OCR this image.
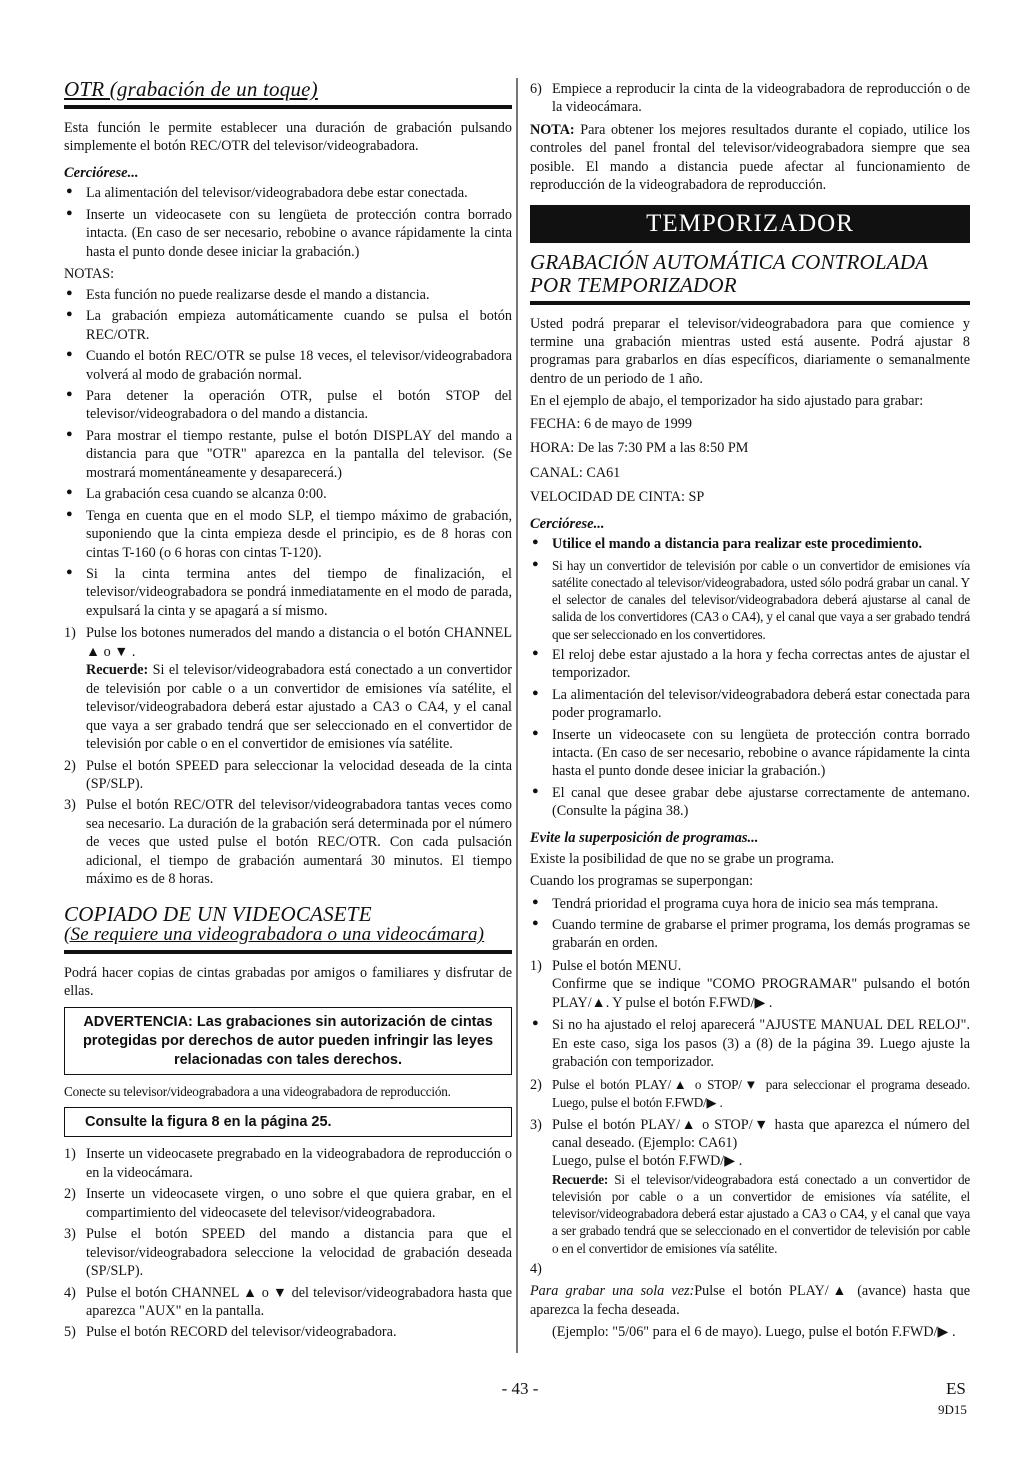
OTR (grabación de un toque)

Esta función le permite establecer una duración de grabación pulsando simplemente el botón REC/OTR del televisor/videograbadora.

Cerciórese...
● La alimentación del televisor/videograbadora debe estar conectada.
● Inserte un videocasete con su lengüeta de protección contra borrado intacta. (En caso de ser necesario, rebobine o avance rápidamente la cinta hasta el punto donde desee iniciar la grabación.)
NOTAS:
● Esta función no puede realizarse desde el mando a distancia.
● La grabación empieza automáticamente cuando se pulsa el botón REC/OTR.
● Cuando el botón REC/OTR se pulse 18 veces, el televisor/videograbadora volverá al modo de grabación normal.
● Para detener la operación OTR, pulse el botón STOP del televisor/videograbadora o del mando a distancia.
● Para mostrar el tiempo restante, pulse el botón DISPLAY del mando a distancia para que "OTR" aparezca en la pantalla del televisor. (Se mostrará momentáneamente y desaparecerá.)
● La grabación cesa cuando se alcanza 0:00.
● Tenga en cuenta que en el modo SLP, el tiempo máximo de grabación, suponiendo que la cinta empieza desde el principio, es de 8 horas con cintas T-160 (o 6 horas con cintas T-120).
● Si la cinta termina antes del tiempo de finalización, el televisor/videograbadora se pondrá inmediatamente en el modo de parada, expulsará la cinta y se apagará a sí mismo.
1) Pulse los botones numerados del mando a distancia o el botón CHANNEL ▲ o ▼ .
Recuerde: Si el televisor/videograbadora está conectado a un convertidor de televisión por cable o a un convertidor de emisiones vía satélite, el televisor/videograbadora deberá estar ajustado a CA3 o CA4, y el canal que vaya a ser grabado tendrá que ser seleccionado en el convertidor de televisión por cable o en el convertidor de emisiones vía satélite.
2) Pulse el botón SPEED para seleccionar la velocidad deseada de la cinta (SP/SLP).
3) Pulse el botón REC/OTR del televisor/videograbadora tantas veces como sea necesario. La duración de la grabación será determinada por el número de veces que usted pulse el botón REC/OTR. Con cada pulsación adicional, el tiempo de grabación aumentará 30 minutos. El tiempo máximo es de 8 horas.
COPIADO DE UN VIDEOCASETE
(Se requiere una videograbadora o una videocámara)

Podrá hacer copias de cintas grabadas por amigos o familiares y disfrutar de ellas.

ADVERTENCIA: Las grabaciones sin autorización de cintas protegidas por derechos de autor pueden infringir las leyes relacionadas con tales derechos.

Conecte su televisor/videograbadora a una videograbadora de reproducción.

Consulte la figura 8 en la página 25.
1) Inserte un videocasete pregrabado en la videograbadora de reproducción o en la videocámara.
2) Inserte un videocasete virgen, o uno sobre el que quiera grabar, en el compartimiento del videocasete del televisor/videograbadora.
3) Pulse el botón SPEED del mando a distancia para que el televisor/videograbadora seleccione la velocidad de grabación deseada (SP/SLP).
4) Pulse el botón CHANNEL ▲ o ▼ del televisor/videograbadora hasta que aparezca "AUX" en la pantalla.
5) Pulse el botón RECORD del televisor/videograbadora.
6) Empiece a reproducir la cinta de la videograbadora de reproducción o de la videocámara.

NOTA: Para obtener los mejores resultados durante el copiado, utilice los controles del panel frontal del televisor/videograbadora siempre que sea posible. El mando a distancia puede afectar al funcionamiento de reproducción de la videograbadora de reproducción.

TEMPORIZADOR
GRABACIÓN AUTOMÁTICA CONTROLADA
POR TEMPORIZADOR

Usted podrá preparar el televisor/videograbadora para que comience y termine una grabación mientras usted está ausente. Podrá ajustar 8 programas para grabarlos en días específicos, diariamente o semanalmente dentro de un periodo de 1 año.

En el ejemplo de abajo, el temporizador ha sido ajustado para grabar:

FECHA: 6 de mayo de 1999
HORA: De las 7:30 PM a las 8:50 PM
CANAL: CA61
VELOCIDAD DE CINTA: SP
Cerciórese...
● Utilice el mando a distancia para realizar este procedimiento.
● Si hay un convertidor de televisión por cable o un convertidor de emisiones vía satélite conectado al televisor/videograbadora, usted sólo podrá grabar un canal. Y el selector de canales del televisor/videograbadora deberá ajustarse al canal de salida de los convertidores (CA3 o CA4), y el canal que vaya a ser grabado tendrá que ser seleccionado en los convertidores.
● El reloj debe estar ajustado a la hora y fecha correctas antes de ajustar el temporizador.
● La alimentación del televisor/videograbadora deberá estar conectada para poder programarlo.
● Inserte un videocasete con su lengüeta de protección contra borrado intacta. (En caso de ser necesario, rebobine o avance rápidamente la cinta hasta el punto donde desee iniciar la grabación.)
● El canal que desee grabar debe ajustarse correctamente de antemano. (Consulte la página 38.)
Evite la superposición de programas...

Existe la posibilidad de que no se grabe un programa.

Cuando los programas se superpongan:

● Tendrá prioridad el programa cuya hora de inicio sea más temprana.
● Cuando termine de grabarse el primer programa, los demás programas se grabarán en orden.
1) Pulse el botón MENU.
Confirme que se indique "COMO PROGRAMAR" pulsando el botón PLAY/▲. Y pulse el botón F.FWD/▶ .
● Si no ha ajustado el reloj aparecerá "AJUSTE MANUAL DEL RELOJ". En este caso, siga los pasos (3) a (8) de la página 39. Luego ajuste la grabación con temporizador.
2) Pulse el botón PLAY/▲ o STOP/▼ para seleccionar el programa deseado. Luego, pulse el botón F.FWD/▶ .
3) Pulse el botón PLAY/▲ o STOP/▼ hasta que aparezca el número del canal deseado. (Ejemplo: CA61)
Luego, pulse el botón F.FWD/▶ .
Recuerde: Si el televisor/videograbadora está conectado a un convertidor de televisión por cable o a un convertidor de emisiones vía satélite, el televisor/videograbadora deberá estar ajustado a CA3 o CA4, y el canal que vaya a ser grabado tendrá que se seleccionado en el convertidor de televisión por cable o en el convertidor de emisiones vía satélite.
4)

Para grabar una sola vez:Pulse el botón PLAY/▲ (avance) hasta que aparezca la fecha deseada.

(Ejemplo: "5/06" para el 6 de mayo). Luego, pulse el botón F.FWD/▶ .

- 43 -	ES
9D15
